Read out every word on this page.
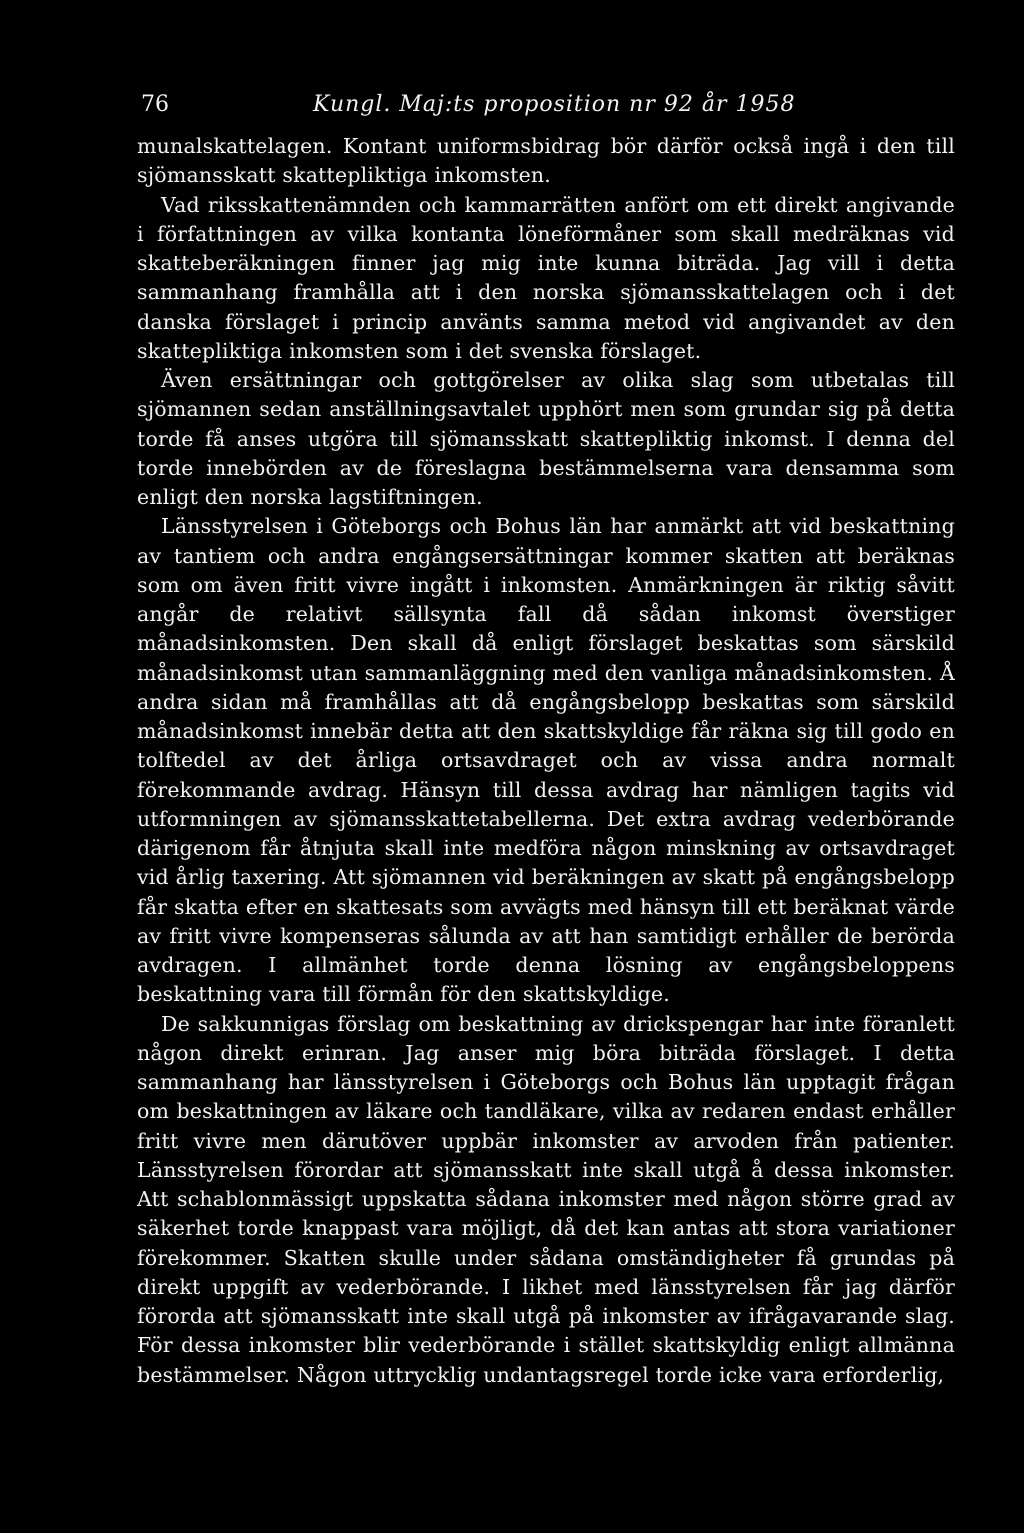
76	Kungl. Maj:ts proposition nr 92 år 1958

munalskattelagen. Kontant uniformsbidrag bör därför också ingå i den till sjömansskatt skattepliktiga inkomsten.

Vad riksskattenämnden och kammarrätten anfört om ett direkt angivande i författningen av vilka kontanta löneförmåner som skall medräknas vid skatteberäkningen finner jag mig inte kunna biträda. Jag vill i detta sammanhang framhålla att i den norska sjömansskattelagen och i det danska förslaget i princip använts samma metod vid angivandet av den skattepliktiga inkomsten som i det svenska förslaget.

Även ersättningar och gottgörelser av olika slag som utbetalas till sjömannen sedan anställningsavtalet upphört men som grundar sig på detta torde få anses utgöra till sjömansskatt skattepliktig inkomst. I denna del torde innebörden av de föreslagna bestämmelserna vara densamma som enligt den norska lagstiftningen.

Länsstyrelsen i Göteborgs och Bohus län har anmärkt att vid beskattning av tantiem och andra engångsersättningar kommer skatten att beräknas som om även fritt vivre ingått i inkomsten. Anmärkningen är riktig såvitt angår de relativt sällsynta fall då sådan inkomst överstiger månadsinkomsten. Den skall då enligt förslaget beskattas som särskild månadsinkomst utan sammanläggning med den vanliga månadsinkomsten. Å andra sidan må framhållas att då engångsbelopp beskattas som särskild månadsinkomst innebär detta att den skattskyldige får räkna sig till godo en tolftedel av det årliga ortsavdraget och av vissa andra normalt förekommande avdrag. Hänsyn till dessa avdrag har nämligen tagits vid utformningen av sjömansskattetabellerna. Det extra avdrag vederbörande därigenom får åtnjuta skall inte medföra någon minskning av ortsavdraget vid årlig taxering. Att sjömannen vid beräkningen av skatt på engångsbelopp får skatta efter en skattesats som avvägts med hänsyn till ett beräknat värde av fritt vivre kompenseras sålunda av att han samtidigt erhåller de berörda avdragen. I allmänhet torde denna lösning av engångsbeloppens beskattning vara till förmån för den skattskyldige.

De sakkunnigas förslag om beskattning av drickspengar har inte föranlett någon direkt erinran. Jag anser mig böra biträda förslaget. I detta sammanhang har länsstyrelsen i Göteborgs och Bohus län upptagit frågan om beskattningen av läkare och tandläkare, vilka av redaren endast erhåller fritt vivre men därutöver uppbär inkomster av arvoden från patienter. Länsstyrelsen förordar att sjömansskatt inte skall utgå å dessa inkomster. Att schablonmässigt uppskatta sådana inkomster med någon större grad av säkerhet torde knappast vara möjligt, då det kan antas att stora variationer förekommer. Skatten skulle under sådana omständigheter få grundas på direkt uppgift av vederbörande. I likhet med länsstyrelsen får jag därför förorda att sjömansskatt inte skall utgå på inkomster av ifrågavarande slag. För dessa inkomster blir vederbörande i stället skattskyldig enligt allmänna bestämmelser. Någon uttrycklig undantagsregel torde icke vara erforderlig,
